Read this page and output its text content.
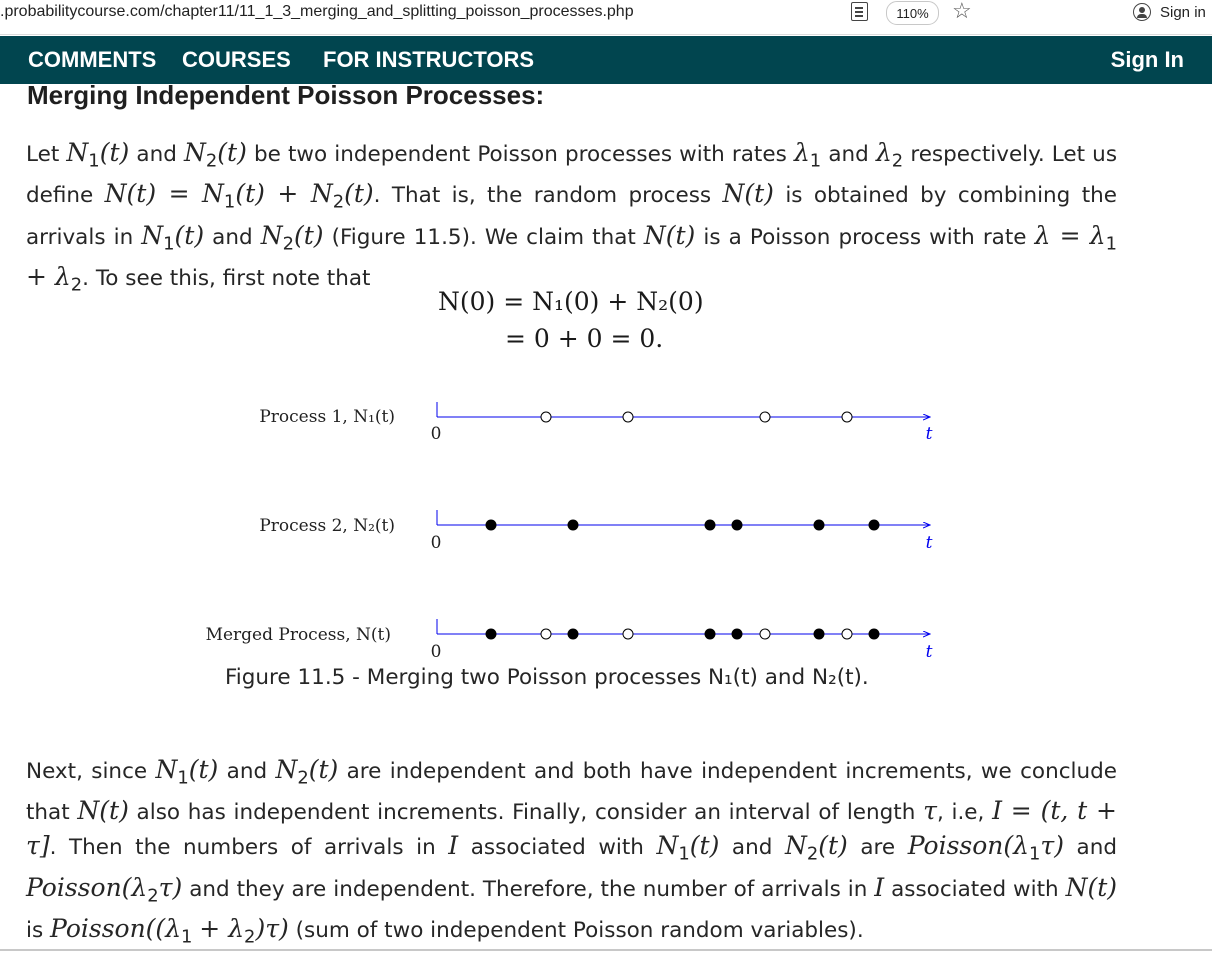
.probabilitycourse.com/chapter11/11_1_3_merging_and_splitting_poisson_processes.php	110%	☆	Sign in
COMMENTS COURSES FOR INSTRUCTORS	Sign In
Merging Independent Poisson Processes:

Let $N_1(t)$ and $N_2(t)$ be two independent Poisson processes with rates $\lambda_1$ and $\lambda_2$ respectively. Let us define $N(t) = N_1(t) + N_2(t)$. That is, the random process N(t) is obtained by combining the arrivals in $N_1(t)$ and $N_2(t)$ (Figure 11.5). We claim that N(t) is a Poisson process with rate $\lambda = \lambda_1 + \lambda_2$. To see this, first note that

N(0) = N₁(0) + N₂(0)
= 0 + 0 = 0.
Process 1, N₁(t)
0	t
Process 2, N₂(t)
0	t
Merged Process, N(t)
0	t
Figure 11.5 - Merging two Poisson processes N₁(t) and N₂(t).

Next, since $N_1(t)$ and $N_2(t)$ are independent and both have independent increments, we conclude that N(t) also has independent increments. Finally, consider an interval of length τ, i.e, I = (t, t + τ]. Then the numbers of arrivals in I associated with $N_1(t)$ and $N_2(t)$ are $Poisson(\lambda_1\tau)$ and $Poisson(\lambda_2\tau)$ and they are independent. Therefore, the number of arrivals in I associated with N(t) is $Poisson((\lambda_1 + \lambda_2)\tau)$ (sum of two independent Poisson random variables).
